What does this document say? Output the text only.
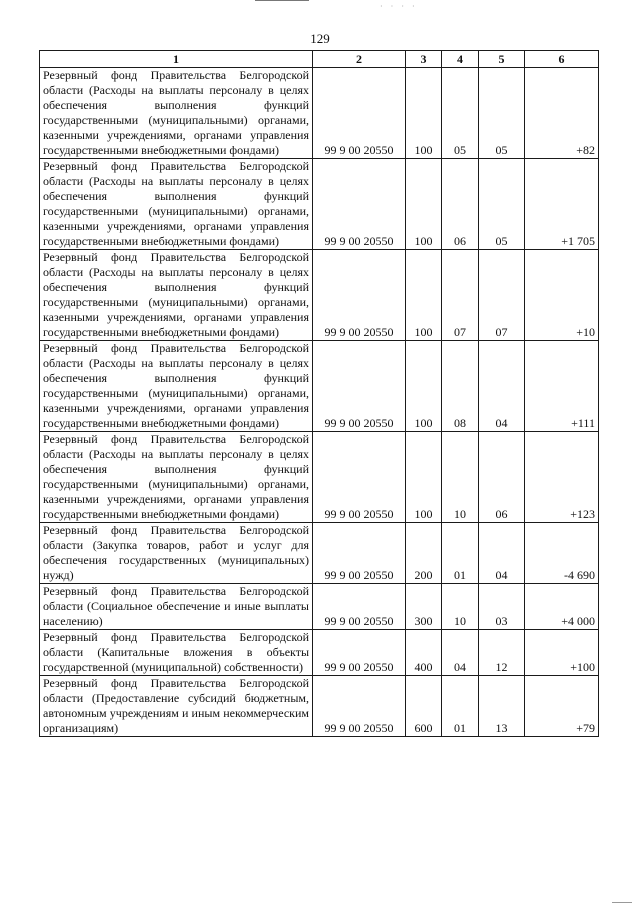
· · · ·
129
1	2	3	4	5	6
Резервный фонд Правительства Белгородской области (Расходы на выплаты персоналу в целях обеспечения выполнения функций государственными (муниципальными) органами, казенными учреждениями, органами управления государственными внебюджетными фондами)	99 9 00 20550	100	05	05	+82
Резервный фонд Правительства Белгородской области (Расходы на выплаты персоналу в целях обеспечения выполнения функций государственными (муниципальными) органами, казенными учреждениями, органами управления государственными внебюджетными фондами)	99 9 00 20550	100	06	05	+1 705
Резервный фонд Правительства Белгородской области (Расходы на выплаты персоналу в целях обеспечения выполнения функций государственными (муниципальными) органами, казенными учреждениями, органами управления государственными внебюджетными фондами)	99 9 00 20550	100	07	07	+10
Резервный фонд Правительства Белгородской области (Расходы на выплаты персоналу в целях обеспечения выполнения функций государственными (муниципальными) органами, казенными учреждениями, органами управления государственными внебюджетными фондами)	99 9 00 20550	100	08	04	+111
Резервный фонд Правительства Белгородской области (Расходы на выплаты персоналу в целях обеспечения выполнения функций государственными (муниципальными) органами, казенными учреждениями, органами управления государственными внебюджетными фондами)	99 9 00 20550	100	10	06	+123
Резервный фонд Правительства Белгородской области (Закупка товаров, работ и услуг для обеспечения государственных (муниципальных) нужд)	99 9 00 20550	200	01	04	-4 690
Резервный фонд Правительства Белгородской области (Социальное обеспечение и иные выплаты населению)	99 9 00 20550	300	10	03	+4 000
Резервный фонд Правительства Белгородской области (Капитальные вложения в объекты государственной (муниципальной) собственности)	99 9 00 20550	400	04	12	+100
Резервный фонд Правительства Белгородской области (Предоставление субсидий бюджетным, автономным учреждениям и иным некоммерческим организациям)	99 9 00 20550	600	01	13	+79
